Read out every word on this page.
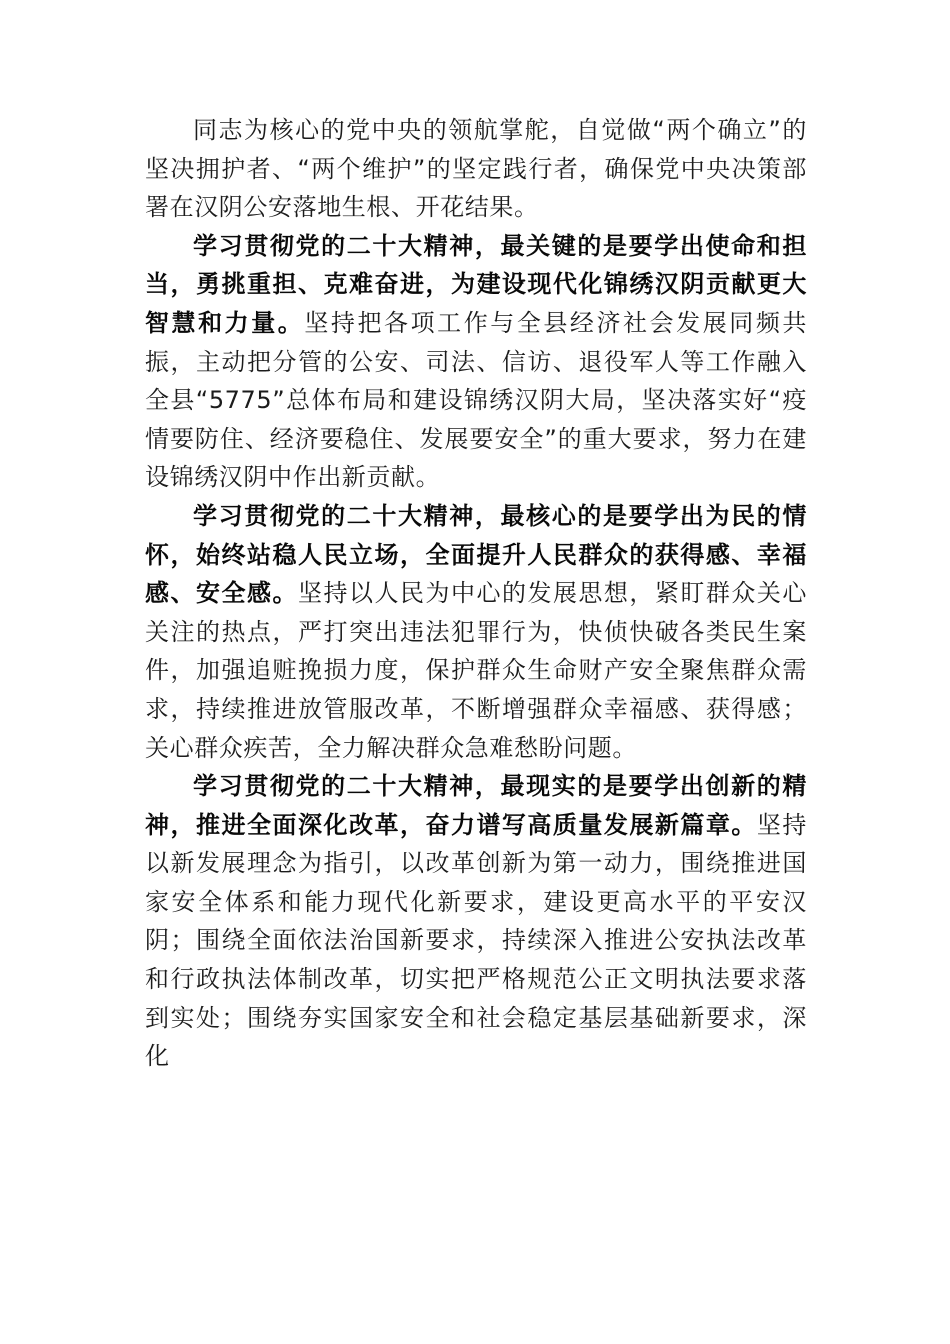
同志为核心的党中央的领航掌舵，自觉做“两个确立”的坚决拥护者、“两个维护”的坚定践行者，确保党中央决策部署在汉阴公安落地生根、开花结果。

学习贯彻党的二十大精神，最关键的是要学出使命和担当，勇挑重担、克难奋进，为建设现代化锦绣汉阴贡献更大智慧和力量。坚持把各项工作与全县经济社会发展同频共振，主动把分管的公安、司法、信访、退役军人等工作融入全县“5775”总体布局和建设锦绣汉阴大局，坚决落实好“疫情要防住、经济要稳住、发展要安全”的重大要求，努力在建设锦绣汉阴中作出新贡献。

学习贯彻党的二十大精神，最核心的是要学出为民的情怀，始终站稳人民立场，全面提升人民群众的获得感、幸福感、安全感。坚持以人民为中心的发展思想，紧盯群众关心关注的热点，严打突出违法犯罪行为，快侦快破各类民生案件，加强追赃挽损力度，保护群众生命财产安全聚焦群众需求，持续推进放管服改革，不断增强群众幸福感、获得感；关心群众疾苦，全力解决群众急难愁盼问题。

学习贯彻党的二十大精神，最现实的是要学出创新的精神，推进全面深化改革，奋力谱写高质量发展新篇章。坚持以新发展理念为指引，以改革创新为第一动力，围绕推进国家安全体系和能力现代化新要求，建设更高水平的平安汉阴；围绕全面依法治国新要求，持续深入推进公安执法改革和行政执法体制改革，切实把严格规范公正文明执法要求落到实处；围绕夯实国家安全和社会稳定基层基础新要求，深化
